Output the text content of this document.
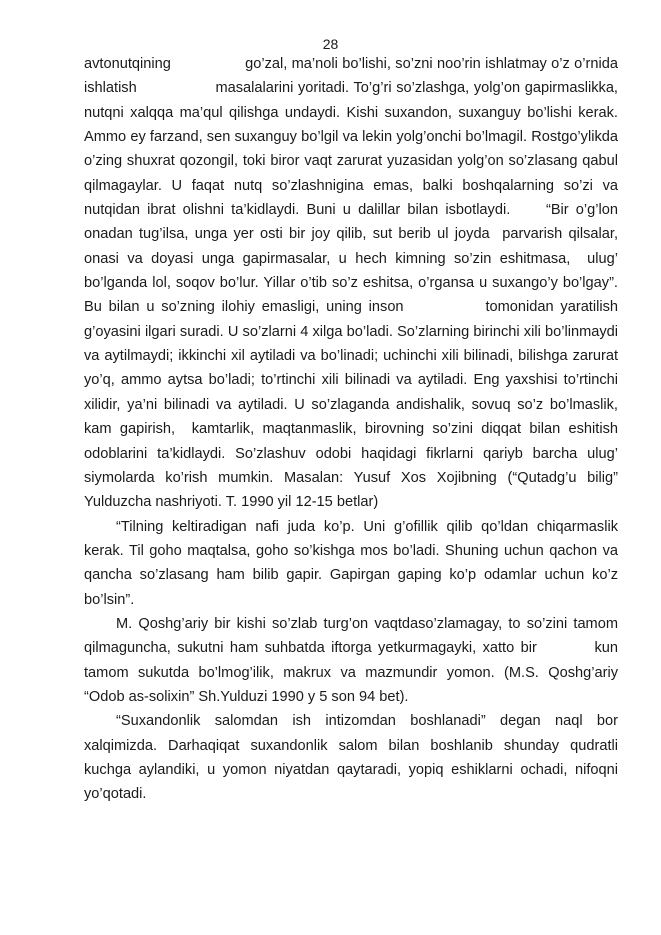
28

avtonutqining                 go’zal, ma’noli bo’lishi, so’zni noo’rin ishlatmay o’z o’rnida ishlatish                 masalalarini yoritadi. To’g’ri so’zlashga, yolg’on gapirmaslikka, nutqni xalqqa ma’qul qilishga undaydi. Kishi suxandon, suxanguy bo’lishi kerak. Ammo ey farzand, sen suxanguy bo’lgil va lekin yolg’onchi bo’lmagil. Rostgo’ylikda o’zing shuxrat qozongil, toki biror vaqt zarurat yuzasidan yolg’on so’zlasang qabul qilmagaylar. U faqat nutq so’zlashnigina emas, balki boshqalarning so’zi va nutqidan ibrat olishni ta’kidlaydi. Buni u dalillar bilan isbotlaydi.     “Bir o’g’lon onadan tug’ilsa, unga yer osti bir joy qilib, sut berib ul joyda  parvarish qilsalar, onasi va doyasi unga gapirmasalar, u hech kimning so’zin eshitmasa,  ulug’ bo’lganda lol, soqov bo’lur. Yillar o’tib so’z eshitsa, o’rgansa u suxango’y bo’lgay”. Bu bilan u so’zning ilohiy emasligi, uning inson            tomonidan yaratilish g’oyasini ilgari suradi. U so’zlarni 4 xilga bo’ladi. So’zlarning birinchi xili bo’linmaydi va aytilmaydi; ikkinchi xil aytiladi va bo’linadi; uchinchi xili bilinadi, bilishga zarurat yo’q, ammo aytsa bo’ladi; to’rtinchi xili bilinadi va aytiladi. Eng yaxshisi to’rtinchi xilidir, ya’ni bilinadi va aytiladi. U so’zlaganda andishalik, sovuq so’z bo’lmaslik, kam gapirish,  kamtarlik, maqtanmaslik, birovning so’zini diqqat bilan eshitish odoblarini ta’kidlaydi. So’zlashuv odobi haqidagi fikrlarni qariyb barcha ulug’ siymolarda ko’rish mumkin. Masalan: Yusuf Xos Xojibning (“Qutadg’u bilig” Yulduzcha nashriyoti. T. 1990 yil 12-15 betlar)

“Tilning keltiradigan nafi juda ko’p. Uni g’ofillik qilib qo’ldan chiqarmaslik kerak. Til goho maqtalsa, goho so’kishga mos bo’ladi. Shuning uchun qachon va qancha so’zlasang ham bilib gapir. Gapirgan gaping ko’p odamlar uchun ko’z bo’lsin”.

M. Qoshg’ariy bir kishi so’zlab turg’on vaqtdaso’zlamagay, to so’zini tamom qilmaguncha, sukutni ham suhbatda iftorga yetkurmagayki, xatto bir         kun tamom sukutda bo’lmog’ilik, makrux va mazmundir yomon. (M.S. Qoshg’ariy “Odob as-solixin” Sh.Yulduzi 1990 y 5 son 94 bet).

“Suxandonlik salomdan ish intizomdan boshlanadi” degan naql bor xalqimizda. Darhaqiqat suxandonlik salom bilan boshlanib shunday qudratli kuchga aylandiki, u yomon niyatdan qaytaradi, yopiq eshiklarni ochadi, nifoqni yo’qotadi.
